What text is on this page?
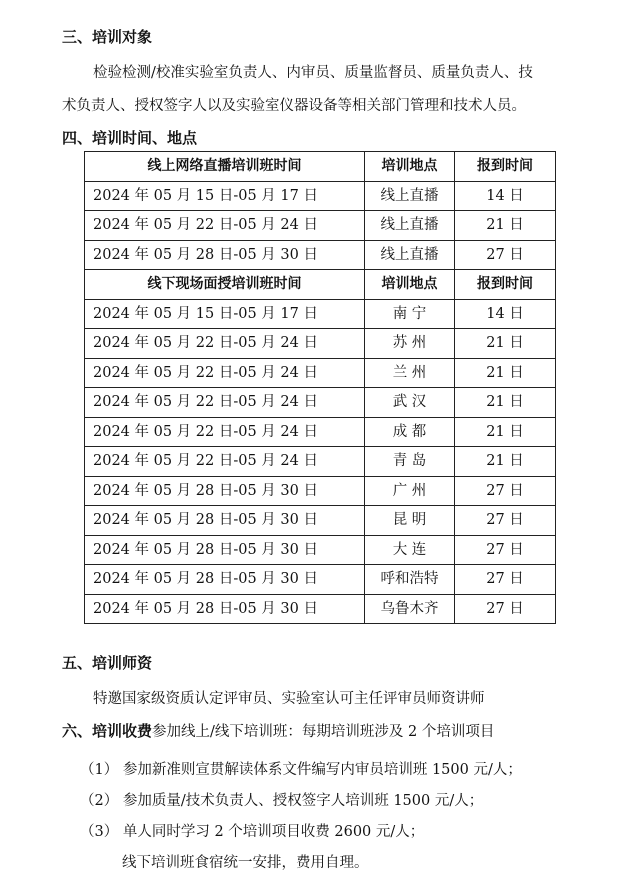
三、培训对象
检验检测/校准实验室负责人、内审员、质量监督员、质量负责人、技
术负责人、授权签字人以及实验室仪器设备等相关部门管理和技术人员。
四、培训时间、地点
线上网络直播培训班时间	培训地点	报到时间
2024 年 05 月 15 日-05 月 17 日	线上直播	14 日
2024 年 05 月 22 日-05 月 24 日	线上直播	21 日
2024 年 05 月 28 日-05 月 30 日	线上直播	27 日
线下现场面授培训班时间	培训地点	报到时间
2024 年 05 月 15 日-05 月 17 日	南 宁	14 日
2024 年 05 月 22 日-05 月 24 日	苏 州	21 日
2024 年 05 月 22 日-05 月 24 日	兰 州	21 日
2024 年 05 月 22 日-05 月 24 日	武 汉	21 日
2024 年 05 月 22 日-05 月 24 日	成 都	21 日
2024 年 05 月 22 日-05 月 24 日	青 岛	21 日
2024 年 05 月 28 日-05 月 30 日	广 州	27 日
2024 年 05 月 28 日-05 月 30 日	昆 明	27 日
2024 年 05 月 28 日-05 月 30 日	大 连	27 日
2024 年 05 月 28 日-05 月 30 日	呼和浩特	27 日
2024 年 05 月 28 日-05 月 30 日	乌鲁木齐	27 日
五、培训师资
特邀国家级资质认定评审员、实验室认可主任评审员师资讲师
六、培训收费参加线上/线下培训班：每期培训班涉及 2 个培训项目
（1） 参加新准则宣贯解读体系文件编写内审员培训班 1500 元/人；
（2） 参加质量/技术负责人、授权签字人培训班 1500 元/人；
（3） 单人同时学习 2 个培训项目收费 2600 元/人；
线下培训班食宿统一安排，费用自理。
